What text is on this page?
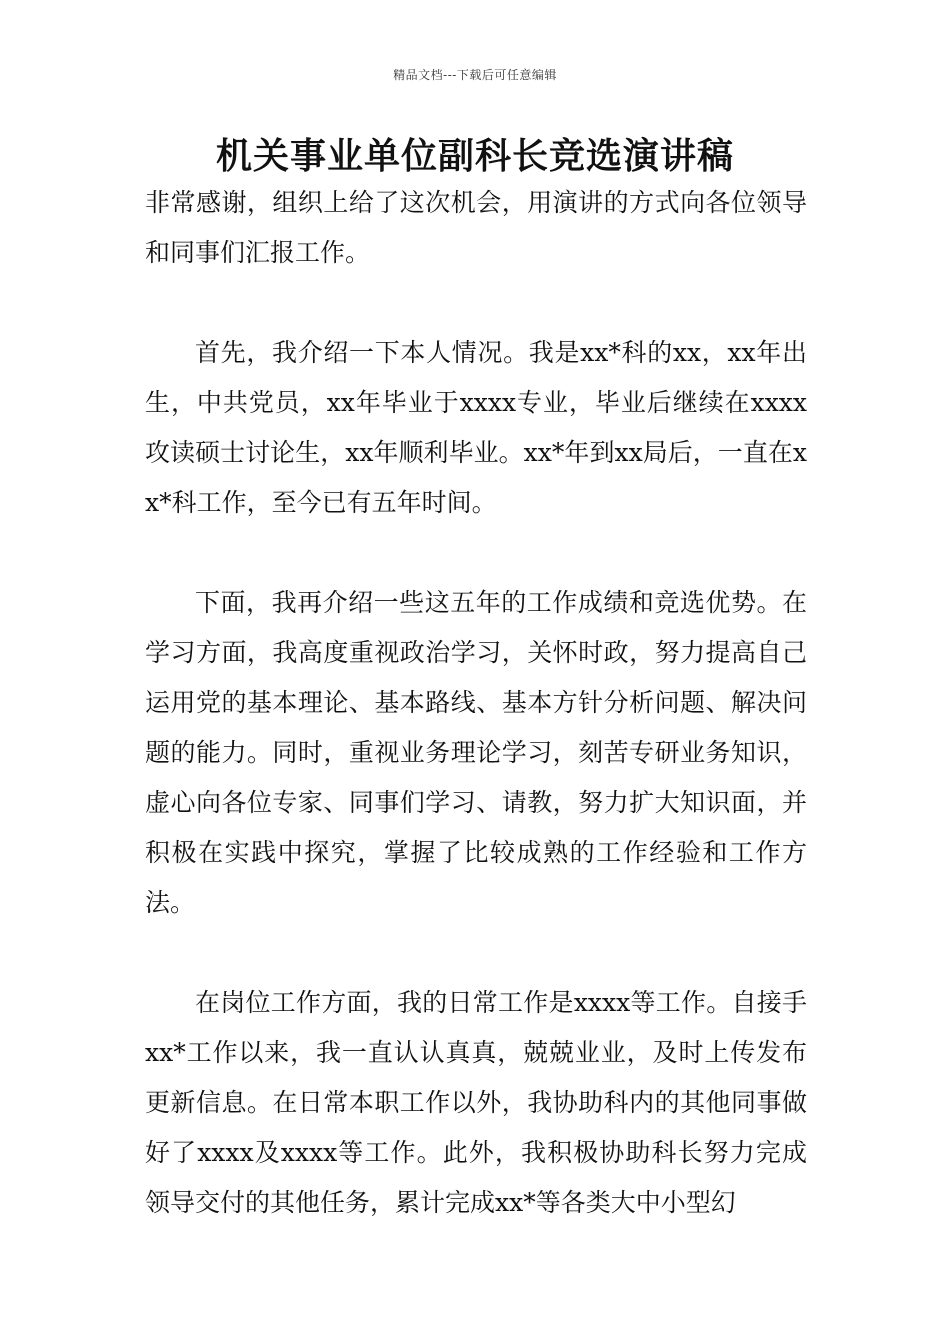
精品文档---下载后可任意编辑
机关事业单位副科长竞选演讲稿

非常感谢，组织上给了这次机会，用演讲的方式向各位领导和同事们汇报工作。

首先，我介绍一下本人情况。我是xx*科的xx，xx年出生，中共党员，xx年毕业于xxxx专业，毕业后继续在xxxx攻读硕士讨论生，xx年顺利毕业。xx*年到xx局后，一直在xx*科工作，至今已有五年时间。

下面，我再介绍一些这五年的工作成绩和竞选优势。在学习方面，我高度重视政治学习，关怀时政，努力提高自己运用党的基本理论、基本路线、基本方针分析问题、解决问题的能力。同时，重视业务理论学习，刻苦专研业务知识，虚心向各位专家、同事们学习、请教，努力扩大知识面，并积极在实践中探究，掌握了比较成熟的工作经验和工作方法。

在岗位工作方面，我的日常工作是xxxx等工作。自接手xx*工作以来，我一直认认真真，兢兢业业，及时上传发布更新信息。在日常本职工作以外，我协助科内的其他同事做好了xxxx及xxxx等工作。此外，我积极协助科长努力完成领导交付的其他任务，累计完成xx*等各类大中小型幻
